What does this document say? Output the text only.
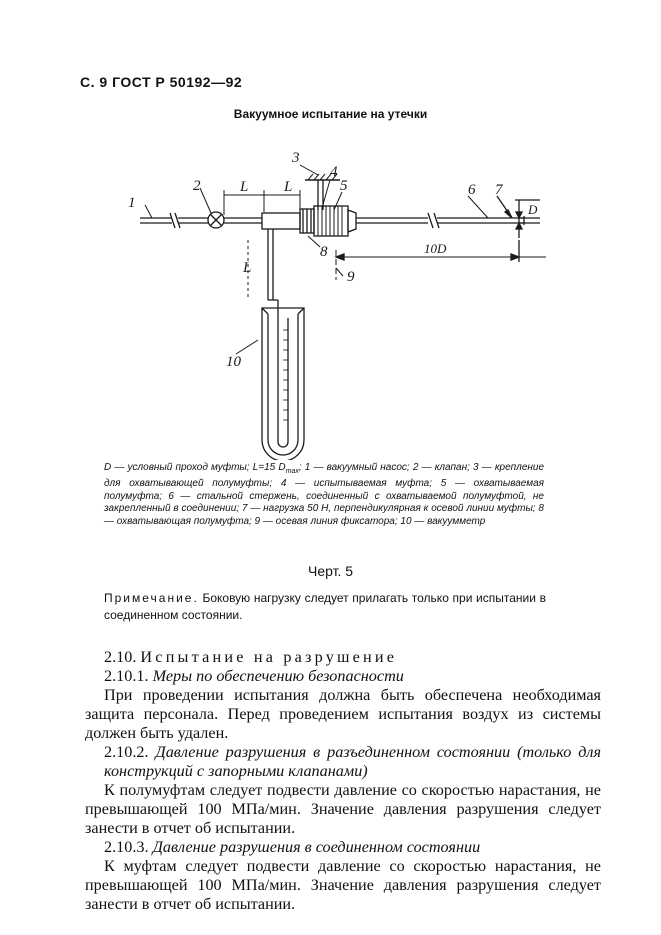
С. 9 ГОСТ Р 50192—92
Вакуумное испытание на утечки
1
2
3
4
5	6 7
8
9
10
L L
L
10D
D
D — условный проход муфты; L=15 $D_{max}$; 1 — вакуумный насос; 2 — клапан; 3 — крепление для охватывающей полумуфты; 4 — испытываемая муфта; 5 — охватываемая полумуфта; 6 — стальной стержень, соединенный с охватываемой полумуфтой, не закрепленный в соединении; 7 — нагрузка 50 Н, перпендикулярная к осевой линии муфты; 8 — охватывающая полумуфта; 9 — осевая линия фиксатора; 10 — вакуумметр
Черт. 5
Примечание. Боковую нагрузку следует прилагать только при испытании в соединенном состоянии.
2.10. Испытание на разрушение
2.10.1. Меры по обеспечению безопасности
При проведении испытания должна быть обеспечена необходимая защита персонала. Перед проведением испытания воздух из системы должен быть удален.
2.10.2. Давление разрушения в разъединенном состоянии (только для конструкций с запорными клапанами)
К полумуфтам следует подвести давление со скоростью нарастания, не превышающей 100 МПа/мин. Значение давления разрушения следует занести в отчет об испытании.
2.10.3. Давление разрушения в соединенном состоянии
К муфтам следует подвести давление со скоростью нарастания, не превышающей 100 МПа/мин. Значение давления разрушения следует занести в отчет об испытании.
